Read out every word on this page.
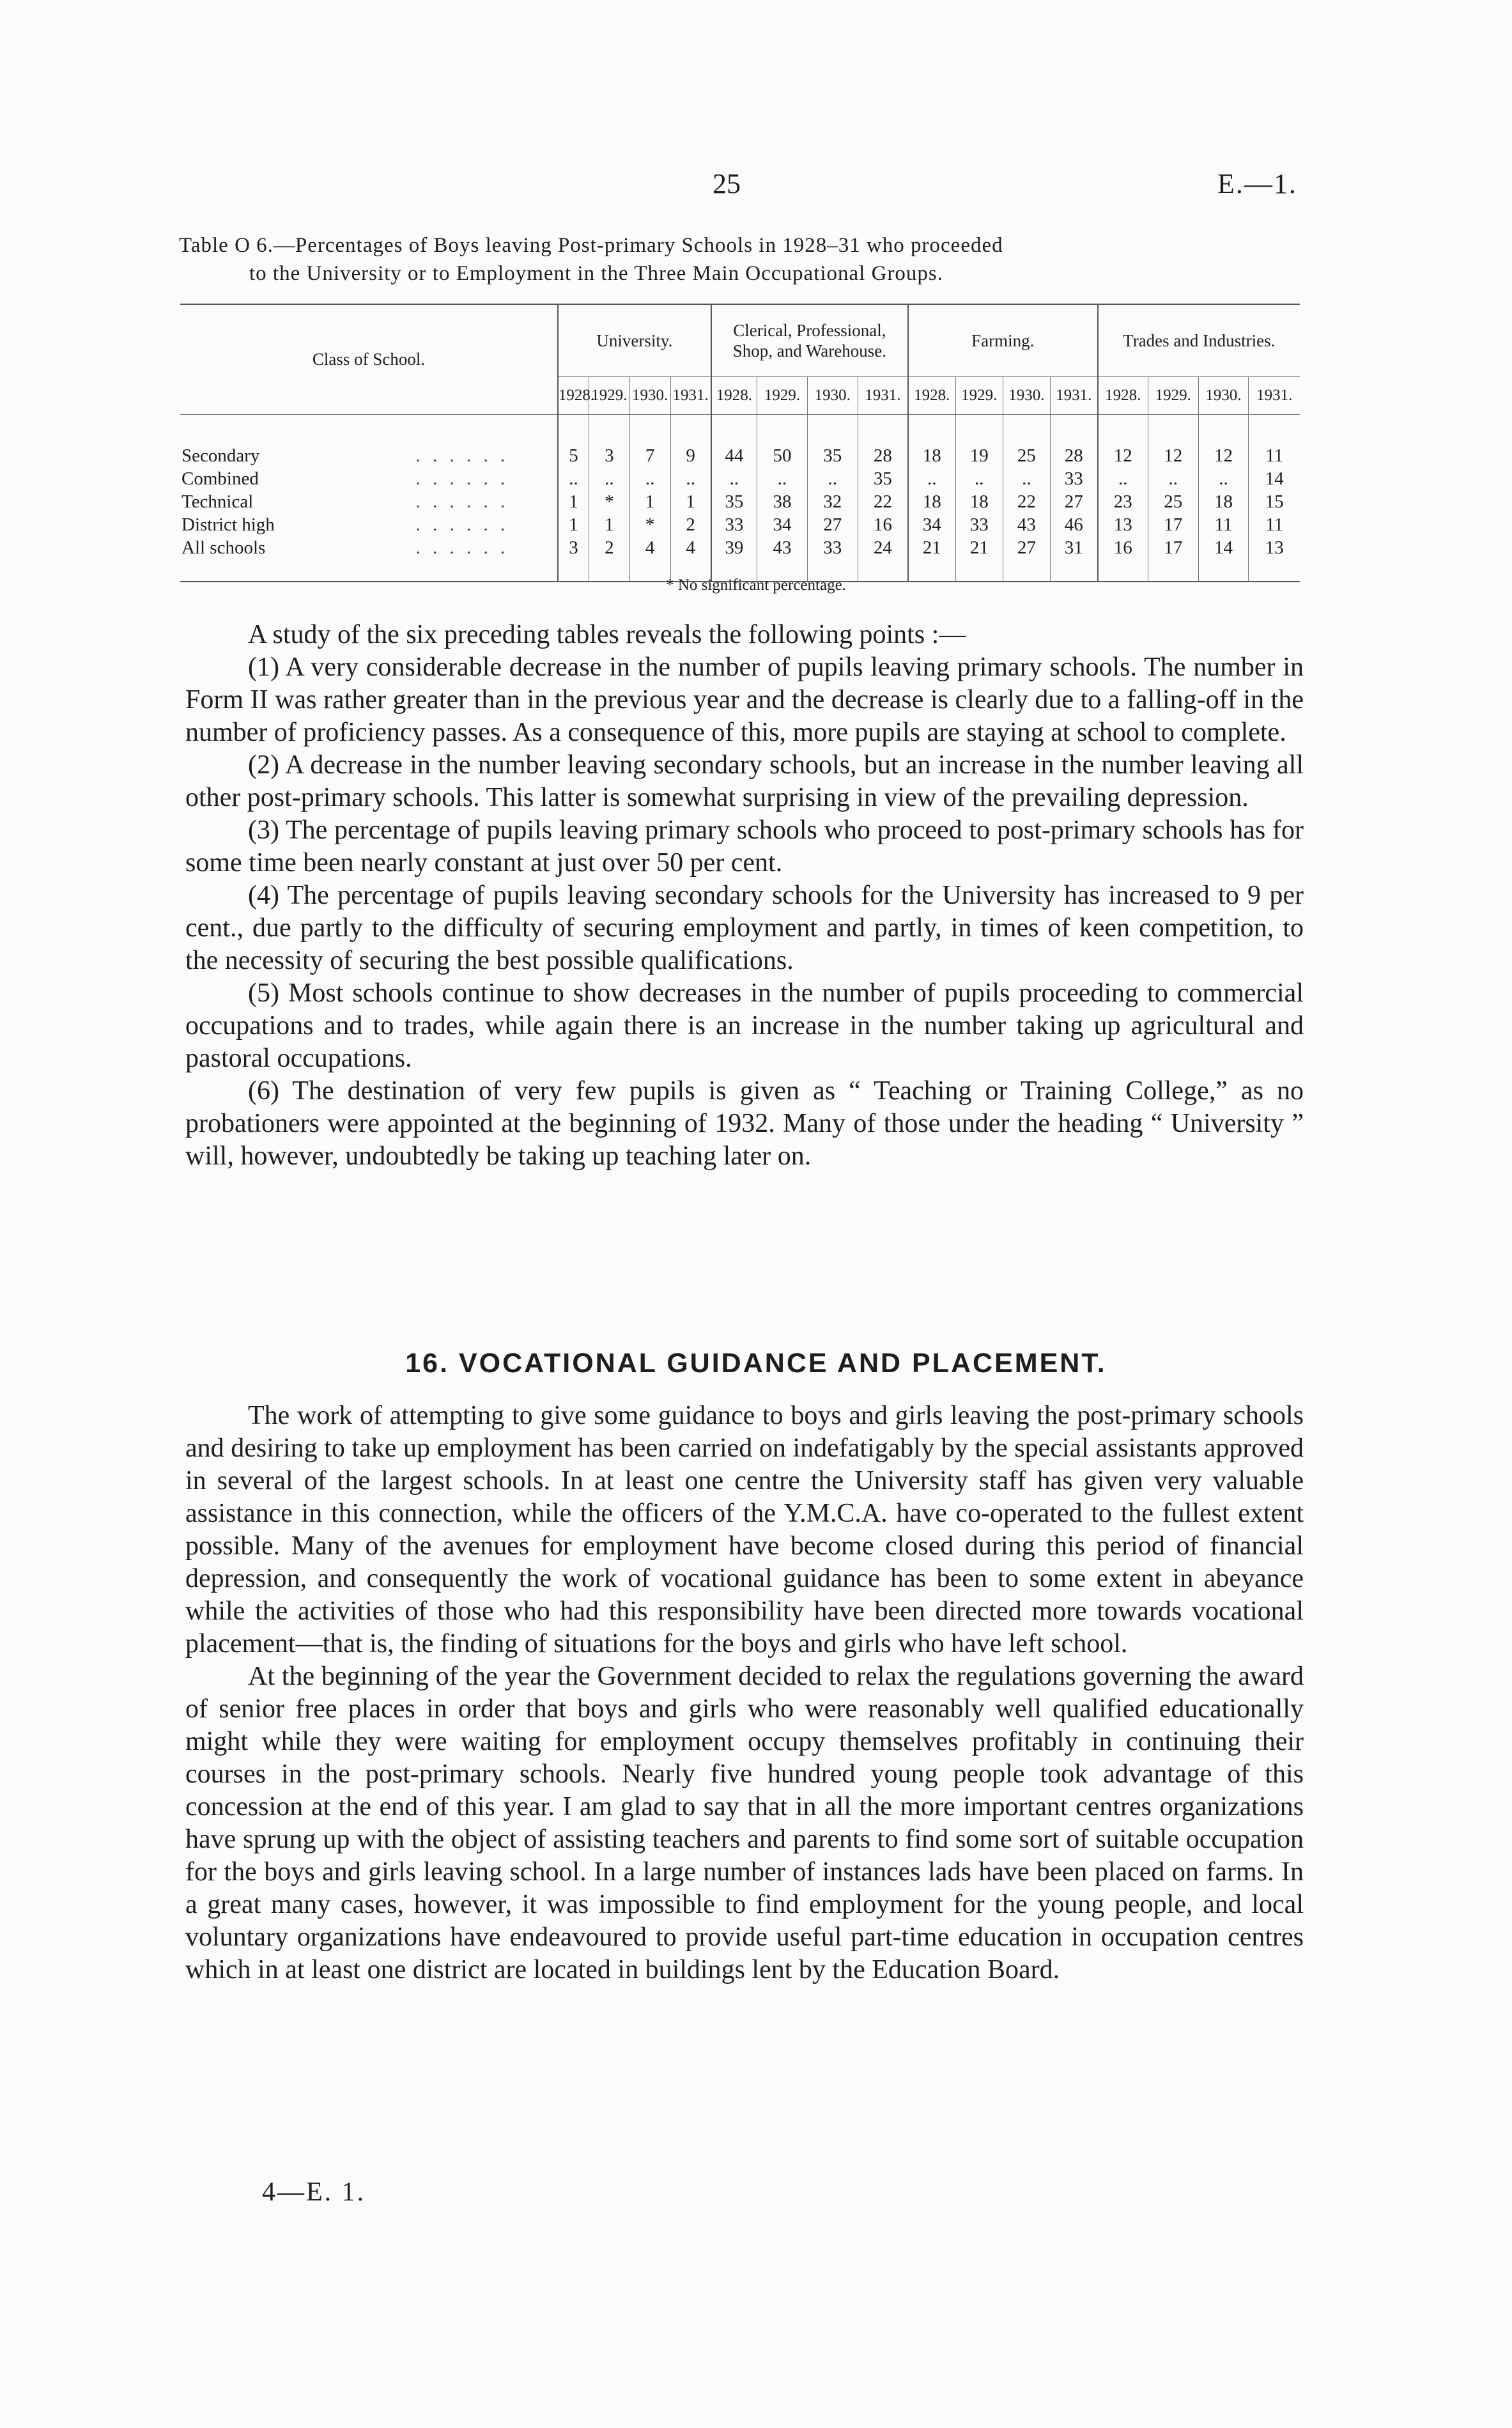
25	E.—1.
Table O 6.—Percentages of Boys leaving Post-primary Schools in 1928–31 who proceeded
to the University or to Employment in the Three Main Occupational Groups.
Class of School.		University.				Clerical, Professional, Shop, and Warehouse.				Farming.				Trades and Industries.			
		1928.	1929.	1930.	1931.	1928.	1929.	1930.	1931.	1928.	1929.	1930.	1931.	1928.	1929.	1930.	1931.

Secondary	. . . . . .	5	3	7	9	44	50	35	28	18	19	25	28	12	12	12	11
Combined	. . . . . .	..	..	..	..	..	..	..	35	..	..	..	33	..	..	..	14
Technical	. . . . . .	1	*	1	1	35	38	32	22	18	18	22	27	23	25	18	15
District high	. . . . . .	1	1	*	2	33	34	27	16	34	33	43	46	13	17	11	11
All schools	. . . . . .	3	2	4	4	39	43	33	24	21	21	27	31	16	17	14	13
* No significant percentage.

A study of the six preceding tables reveals the following points :—

(1) A very considerable decrease in the number of pupils leaving primary schools. The number in Form II was rather greater than in the previous year and the decrease is clearly due to a falling-off in the number of proficiency passes. As a consequence of this, more pupils are staying at school to complete.

(2) A decrease in the number leaving secondary schools, but an increase in the number leaving all other post-primary schools. This latter is somewhat surprising in view of the prevailing depression.

(3) The percentage of pupils leaving primary schools who proceed to post-primary schools has for some time been nearly constant at just over 50 per cent.

(4) The percentage of pupils leaving secondary schools for the University has increased to 9 per cent., due partly to the difficulty of securing employment and partly, in times of keen competition, to the necessity of securing the best possible qualifications.

(5) Most schools continue to show decreases in the number of pupils proceeding to commercial occupations and to trades, while again there is an increase in the number taking up agricultural and pastoral occupations.

(6) The destination of very few pupils is given as “ Teaching or Training College,” as no probationers were appointed at the beginning of 1932. Many of those under the heading “ University ” will, however, undoubtedly be taking up teaching later on.

16. VOCATIONAL GUIDANCE AND PLACEMENT.

The work of attempting to give some guidance to boys and girls leaving the post-primary schools and desiring to take up employment has been carried on indefatigably by the special assistants approved in several of the largest schools. In at least one centre the University staff has given very valuable assistance in this connection, while the officers of the Y.M.C.A. have co-operated to the fullest extent possible. Many of the avenues for employment have become closed during this period of financial depression, and consequently the work of vocational guidance has been to some extent in abeyance while the activities of those who had this responsibility have been directed more towards vocational placement—that is, the finding of situations for the boys and girls who have left school.

At the beginning of the year the Government decided to relax the regulations governing the award of senior free places in order that boys and girls who were reasonably well qualified educationally might while they were waiting for employment occupy themselves profitably in continuing their courses in the post-primary schools. Nearly five hundred young people took advantage of this concession at the end of this year. I am glad to say that in all the more important centres organizations have sprung up with the object of assisting teachers and parents to find some sort of suitable occupation for the boys and girls leaving school. In a large number of instances lads have been placed on farms. In a great many cases, however, it was impossible to find employment for the young people, and local voluntary organizations have endeavoured to provide useful part-time education in occupation centres which in at least one district are located in buildings lent by the Education Board.

4—E. 1.
